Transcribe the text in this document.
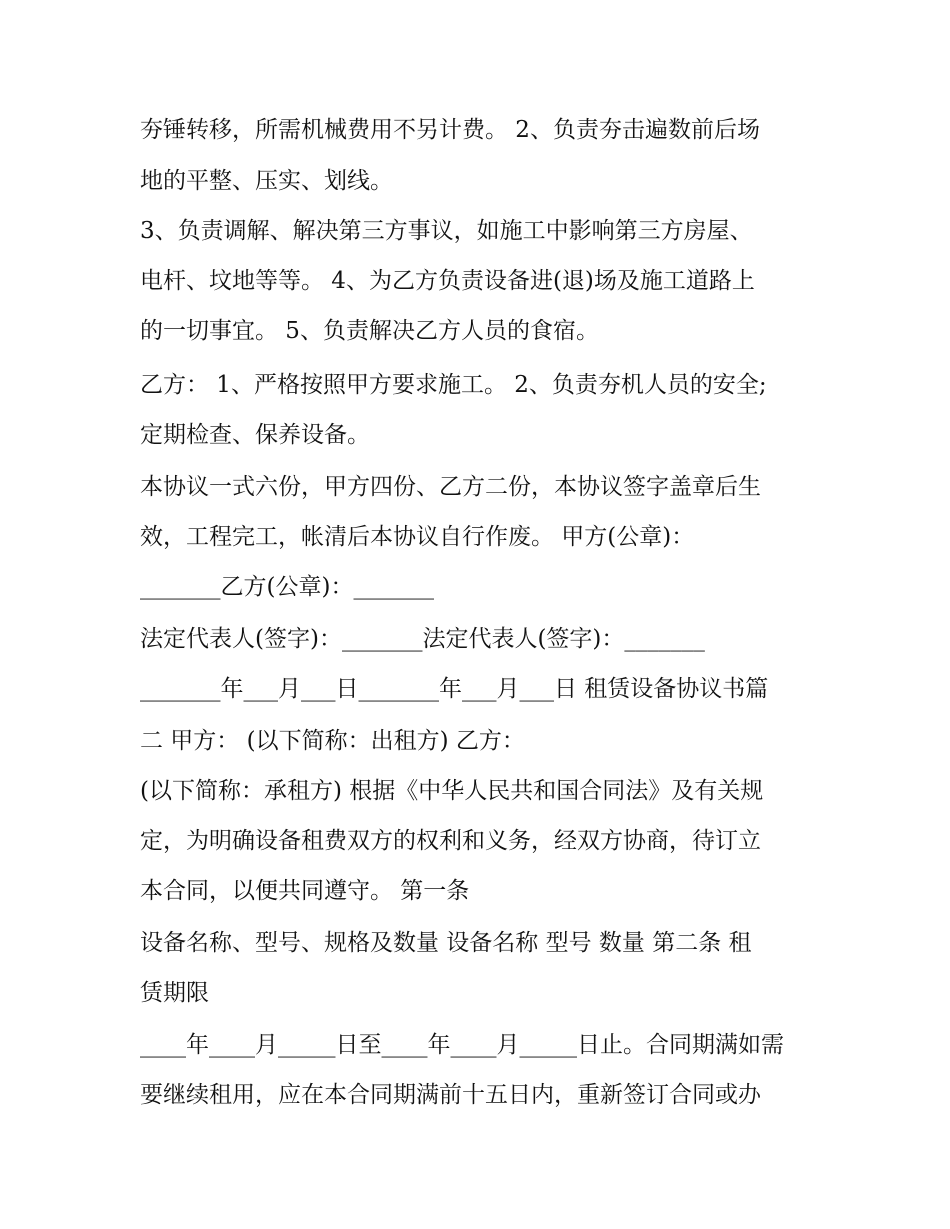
夯锤转移，所需机械费用不另计费。 2、负责夯击遍数前后场

地的平整、压实、划线。

3、负责调解、解决第三方事议，如施工中影响第三方房屋、

电杆、坟地等等。 4、为乙方负责设备进(退)场及施工道路上

的一切事宜。 5、负责解决乙方人员的食宿。

乙方： 1、严格按照甲方要求施工。 2、负责夯机人员的安全;

定期检查、保养设备。

本协议一式六份，甲方四份、乙方二份，本协议签字盖章后生

效，工程完工，帐清后本协议自行作废。 甲方(公章)：

_______乙方(公章)：_______

法定代表人(签字)：_______法定代表人(签字)：_______

_______年___月___日_______年___月___日 租赁设备协议书篇

二 甲方： (以下简称：出租方) 乙方：

(以下简称：承租方) 根据《中华人民共和国合同法》及有关规

定，为明确设备租费双方的权利和义务，经双方协商，待订立

本合同，以便共同遵守。 第一条

设备名称、型号、规格及数量 设备名称 型号 数量 第二条 租

赁期限

____年____月_____日至____年____月_____日止。合同期满如需

要继续租用，应在本合同期满前十五日内，重新签订合同或办
